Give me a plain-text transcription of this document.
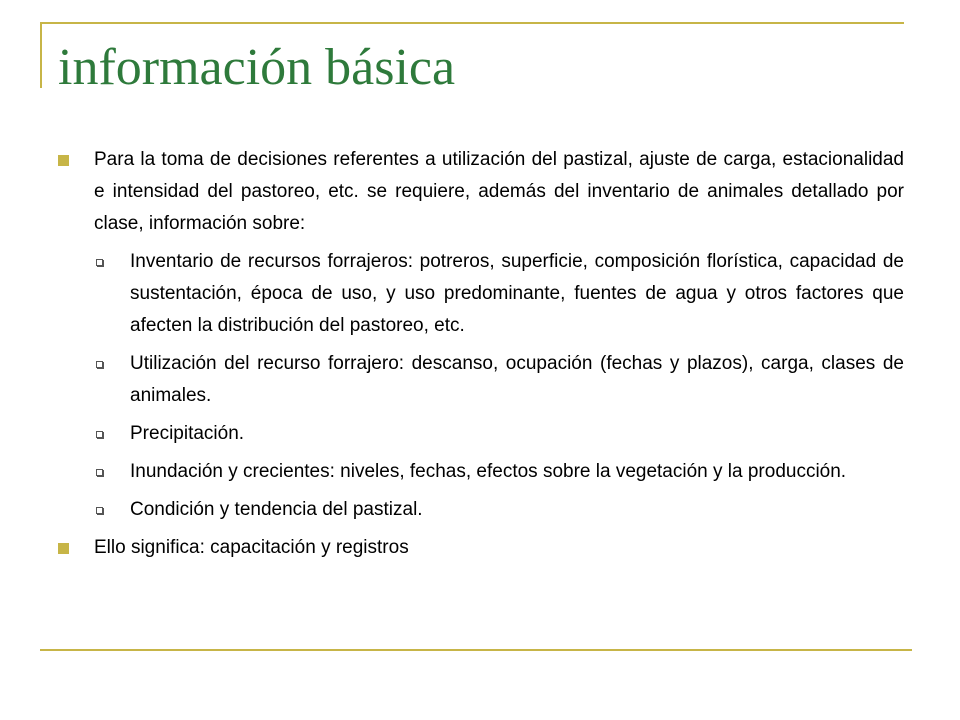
información básica
Para la toma de decisiones referentes a utilización del pastizal, ajuste de carga, estacionalidad e intensidad del pastoreo, etc. se requiere, además del inventario de animales detallado por clase, información sobre:
Inventario de recursos forrajeros: potreros, superficie, composición florística, capacidad de sustentación, época de uso, y uso predominante, fuentes de agua y otros factores que afecten la distribución del pastoreo, etc.
Utilización del recurso forrajero: descanso, ocupación (fechas y plazos), carga, clases de animales.
Precipitación.
Inundación y crecientes: niveles, fechas, efectos sobre la vegetación y la producción.
Condición y tendencia del pastizal.
Ello significa: capacitación y registros
